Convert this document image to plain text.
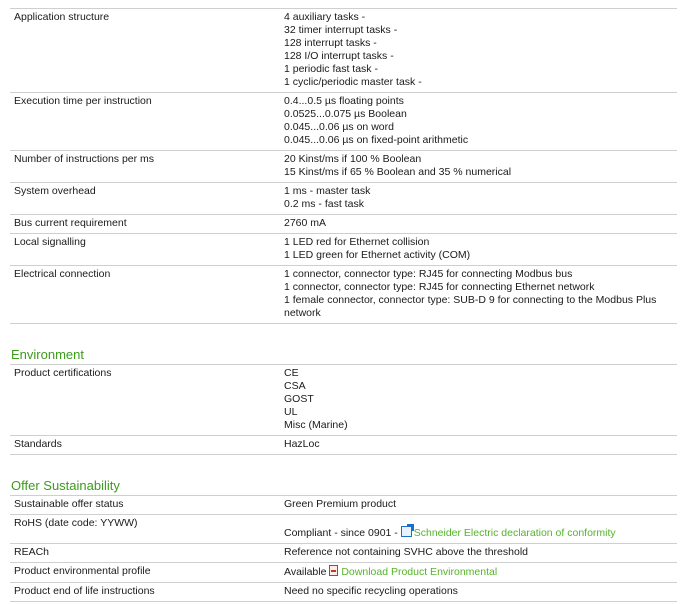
Application structure	4 auxiliary tasks -
32 timer interrupt tasks -
128 interrupt tasks -
128 I/O interrupt tasks -
1 periodic fast task -
1 cyclic/periodic master task -
Execution time per instruction	0.4...0.5 µs floating points
0.0525...0.075 µs Boolean
0.045...0.06 µs on word
0.045...0.06 µs on fixed-point arithmetic
Number of instructions per ms	20 Kinst/ms if 100 % Boolean
15 Kinst/ms if 65 % Boolean and 35 % numerical
System overhead	1 ms - master task
0.2 ms - fast task
Bus current requirement	2760 mA
Local signalling	1 LED red for Ethernet collision
1 LED green for Ethernet activity (COM)
Electrical connection	1 connector, connector type: RJ45 for connecting Modbus bus
1 connector, connector type: RJ45 for connecting Ethernet network
1 female connector, connector type: SUB-D 9 for connecting to the Modbus Plus
network
Environment
Product certifications	CE
CSA
GOST
UL
Misc (Marine)
Standards	HazLoc
Offer Sustainability
Sustainable offer status	Green Premium product
RoHS (date code: YYWW)
Compliant - since 0901 - Schneider Electric declaration of conformity
REACh	Reference not containing SVHC above the threshold
Product environmental profile	Available Download Product Environmental
Product end of life instructions	Need no specific recycling operations
